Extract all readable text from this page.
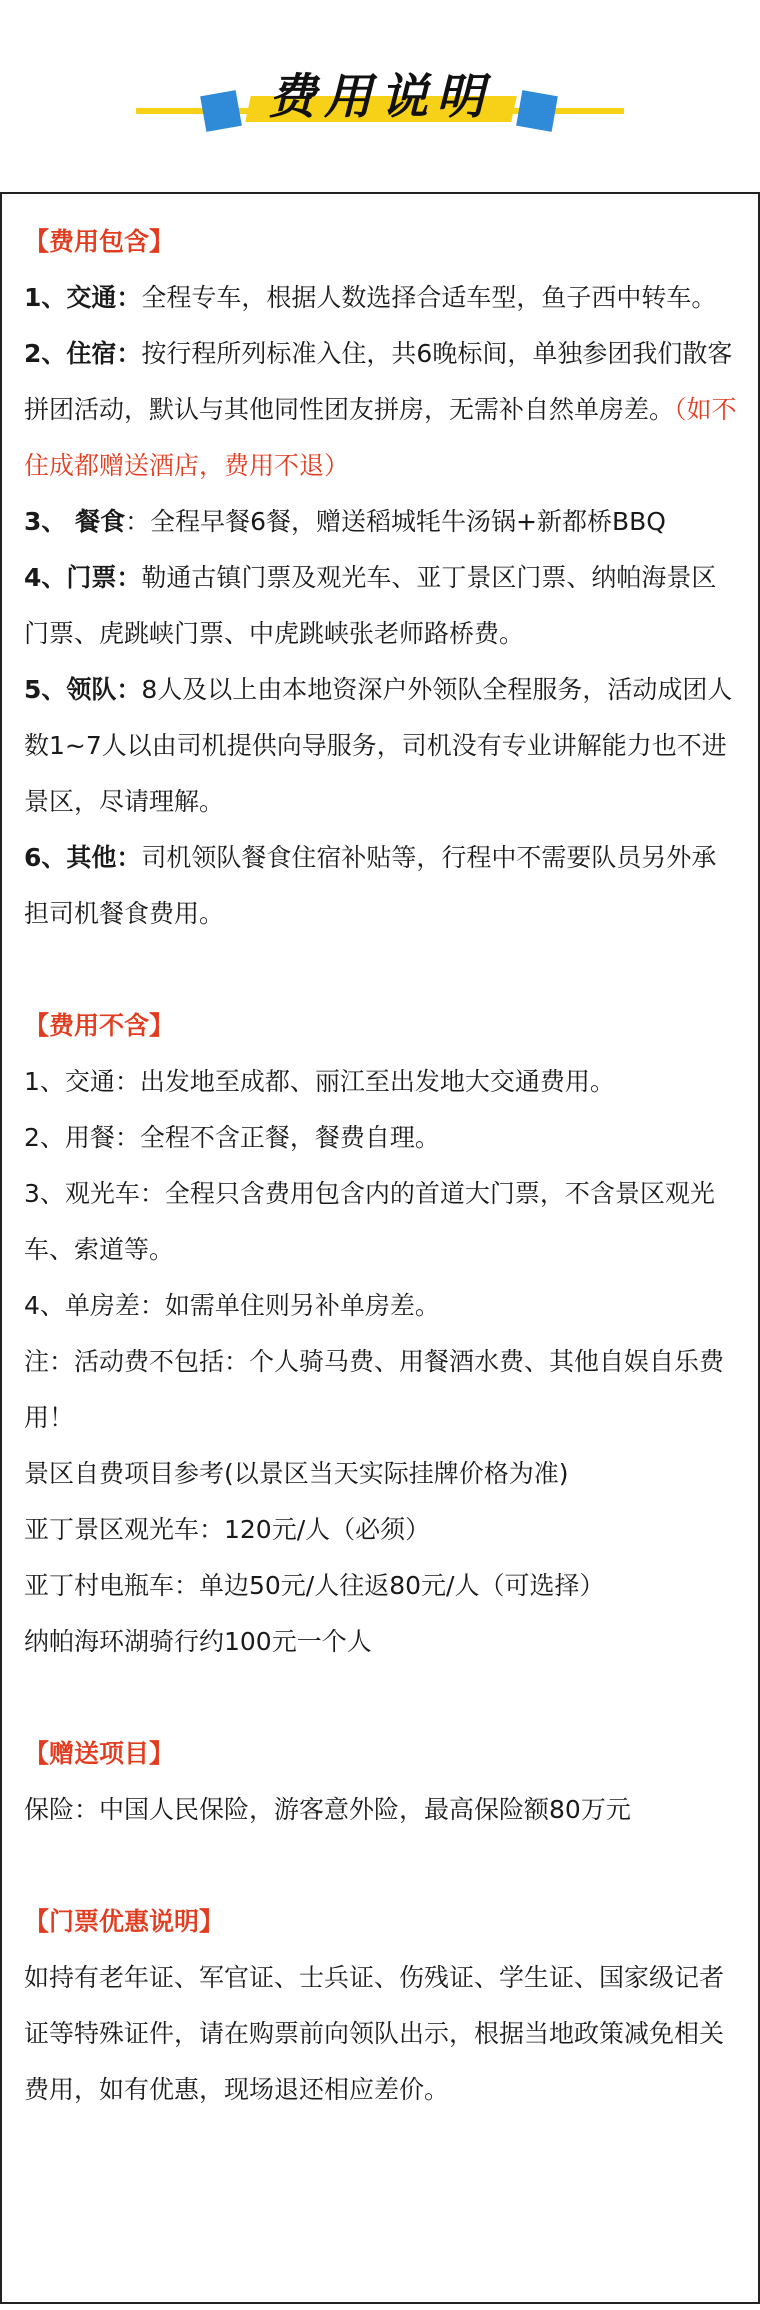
费用说明

【费用包含】

1、交通：全程专车，根据人数选择合适车型，鱼子西中转车。

2、住宿：按行程所列标准入住，共6晚标间，单独参团我们散客拼团活动，默认与其他同性团友拼房，无需补自然单房差。（如不住成都赠送酒店，费用不退）

3、 餐食：全程早餐6餐，赠送稻城牦牛汤锅+新都桥BBQ

4、门票：勒通古镇门票及观光车、亚丁景区门票、纳帕海景区门票、虎跳峡门票、中虎跳峡张老师路桥费。

5、领队：8人及以上由本地资深户外领队全程服务，活动成团人数1~7人以由司机提供向导服务，司机没有专业讲解能力也不进景区，尽请理解。

6、其他：司机领队餐食住宿补贴等，行程中不需要队员另外承担司机餐食费用。

【费用不含】

1、交通：出发地至成都、丽江至出发地大交通费用。

2、用餐：全程不含正餐，餐费自理。

3、观光车：全程只含费用包含内的首道大门票，不含景区观光车、索道等。

4、单房差：如需单住则另补单房差。

注：活动费不包括：个人骑马费、用餐酒水费、其他自娱自乐费用！

景区自费项目参考(以景区当天实际挂牌价格为准)

亚丁景区观光车：120元/人（必须）

亚丁村电瓶车：单边50元/人往返80元/人（可选择）

纳帕海环湖骑行约100元一个人

【赠送项目】

保险：中国人民保险，游客意外险，最高保险额80万元

【门票优惠说明】

如持有老年证、军官证、士兵证、伤残证、学生证、国家级记者证等特殊证件，请在购票前向领队出示，根据当地政策减免相关费用，如有优惠，现场退还相应差价。
